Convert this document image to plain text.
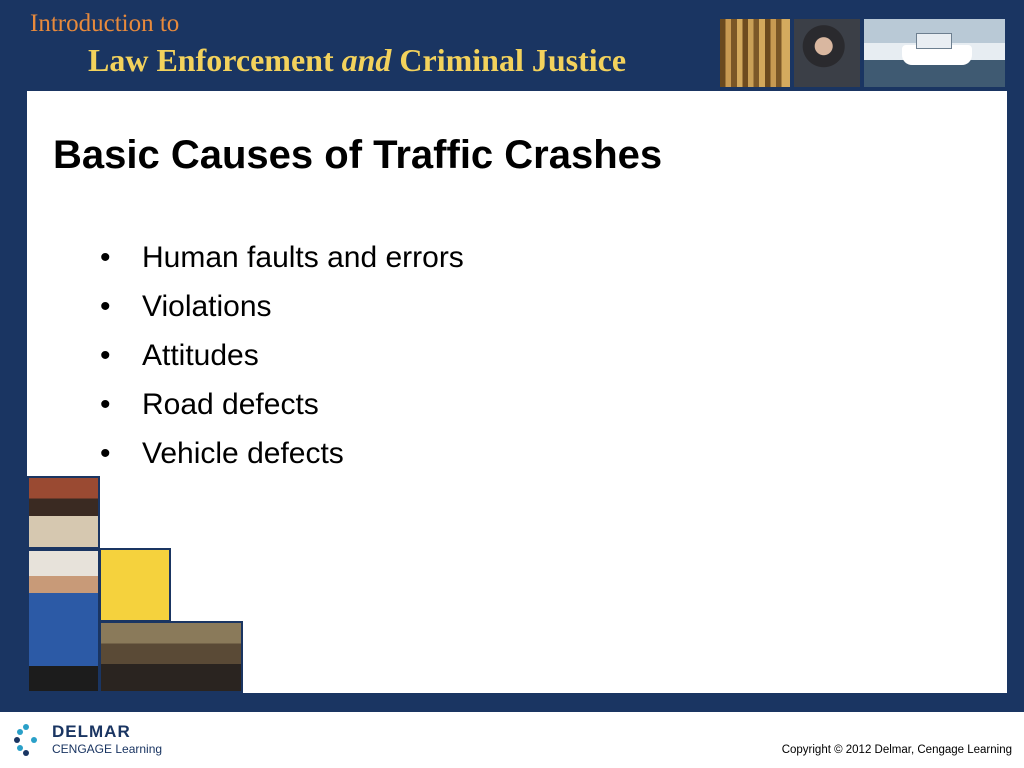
Introduction to
Law Enforcement and Criminal Justice
Basic Causes of Traffic Crashes
• Human faults and errors
• Violations
• Attitudes
• Road defects
• Vehicle defects
DELMAR
CENGAGE Learning	Copyright © 2012 Delmar, Cengage Learning
